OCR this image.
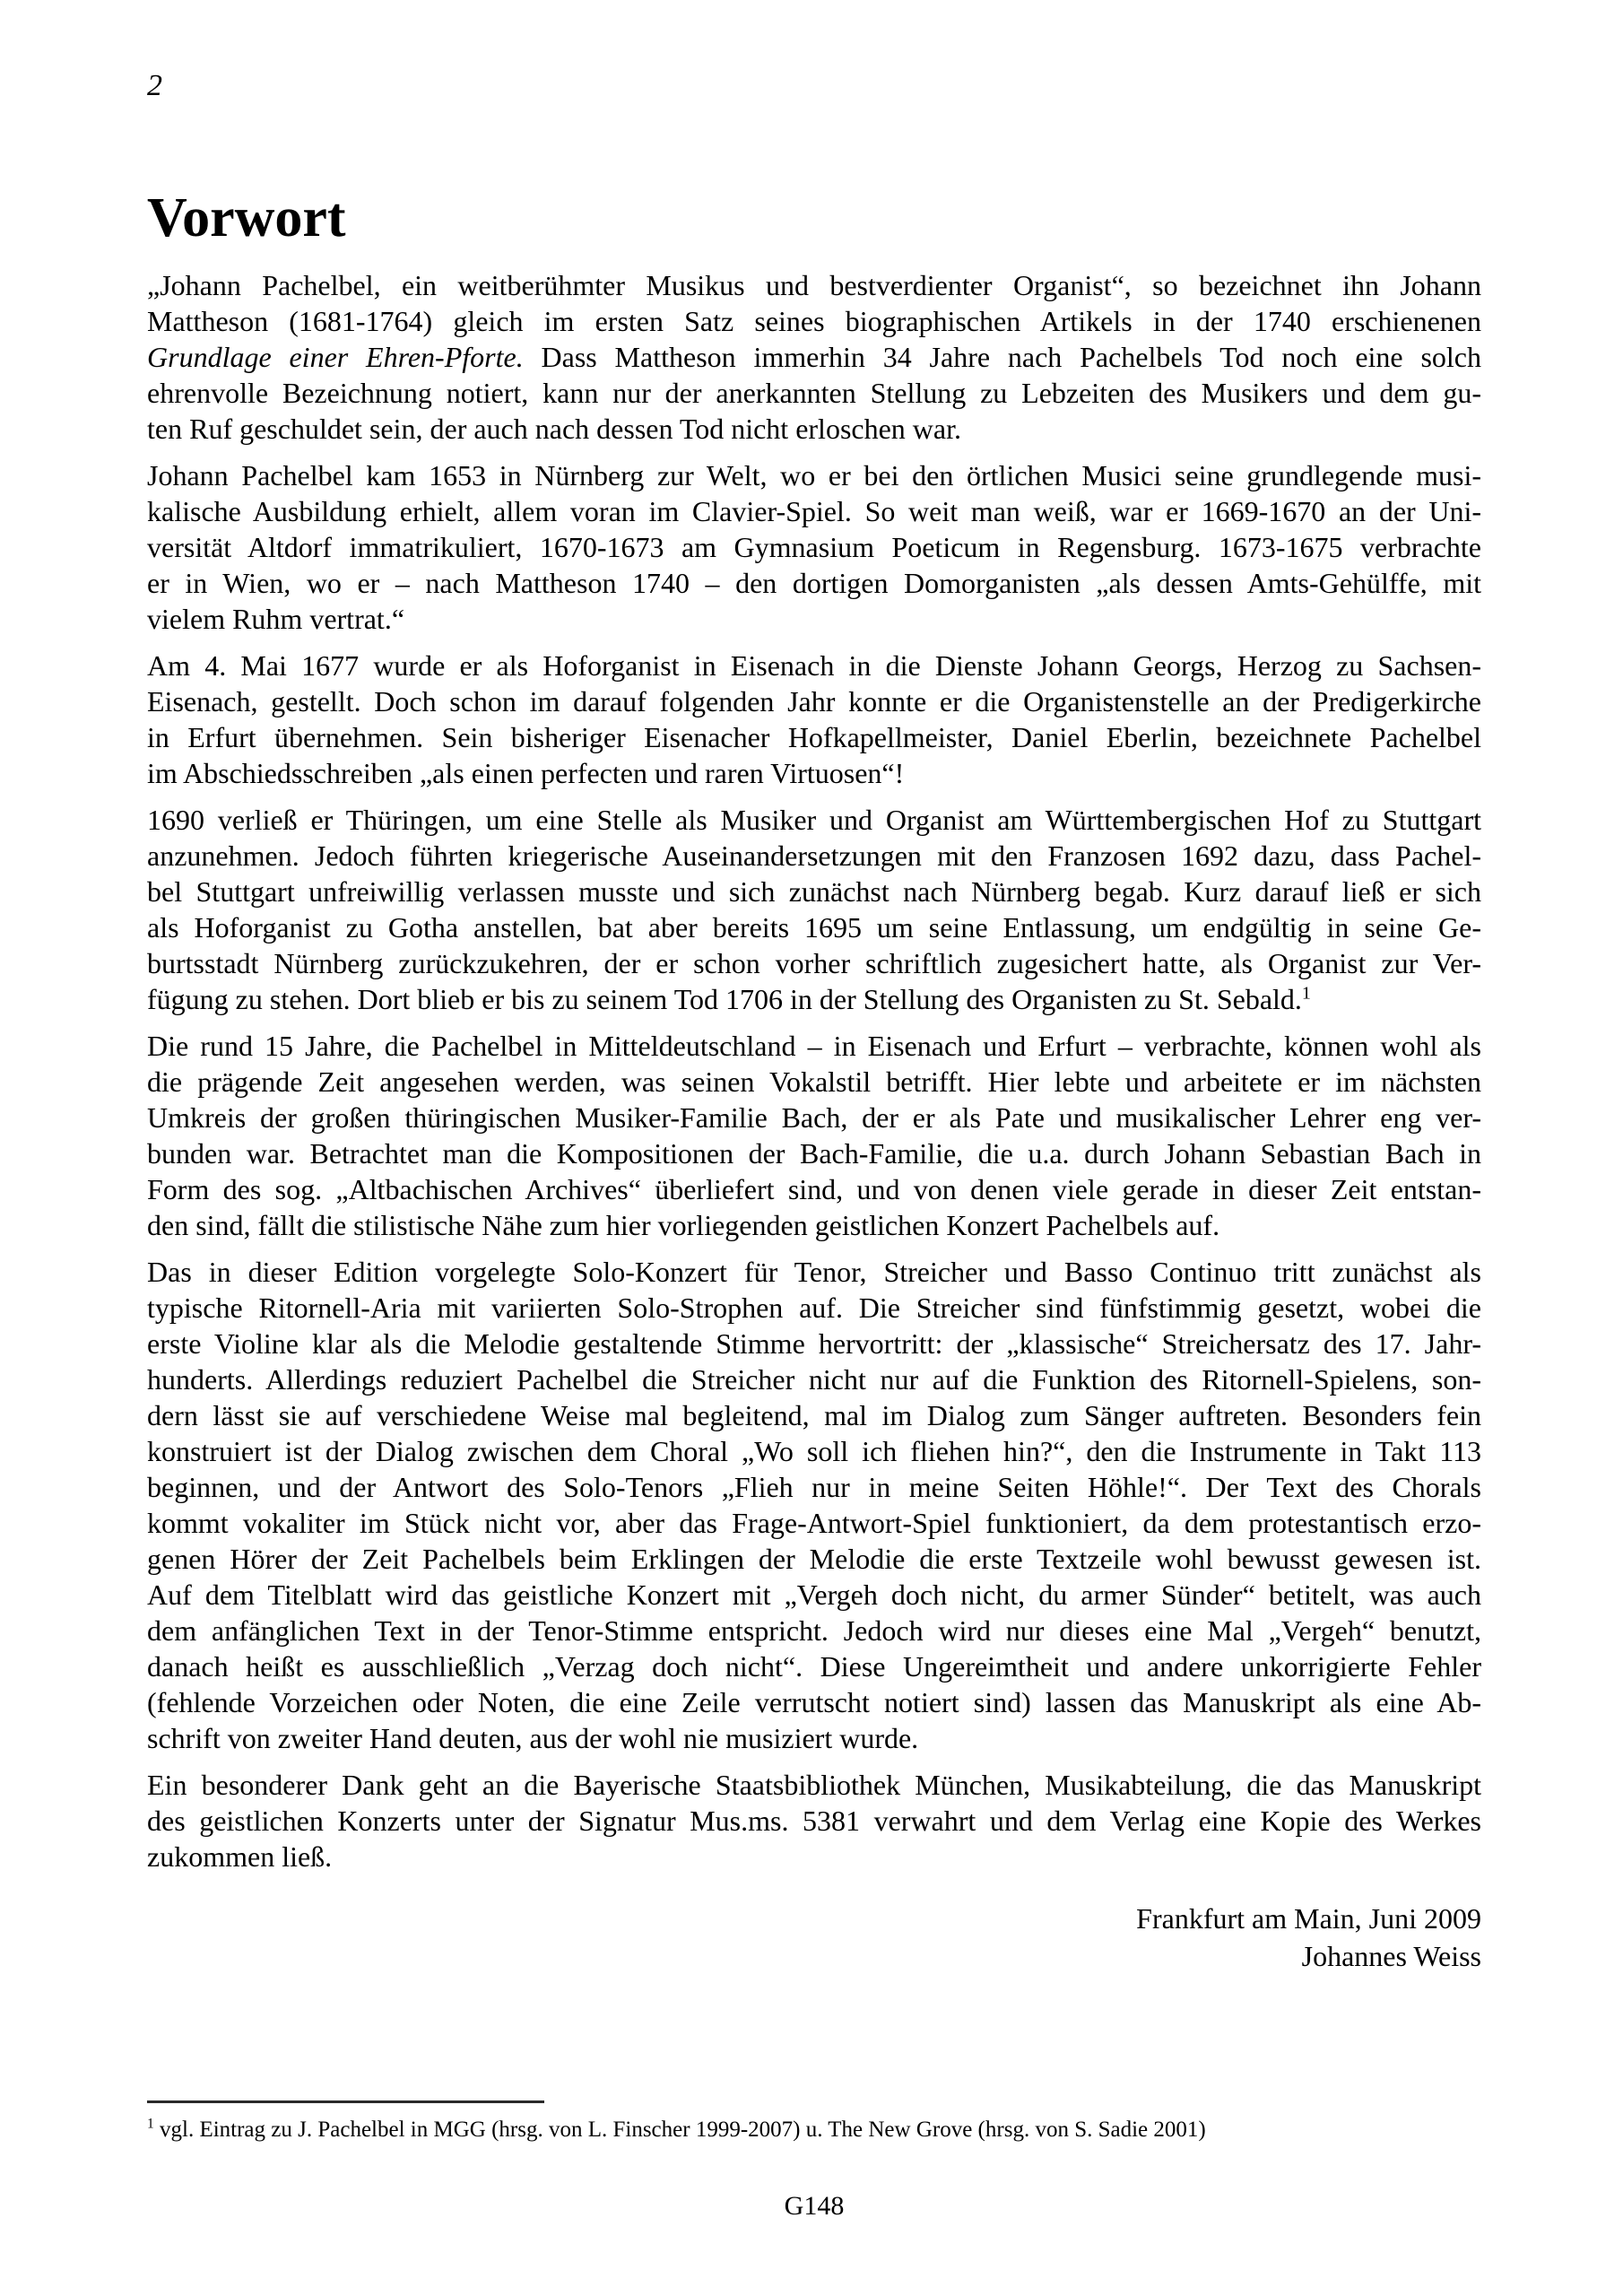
2
Vorwort

„Johann Pachelbel, ein weitberühmter Musikus und bestverdienter Organist“, so bezeichnet ihn Johann
Mattheson (1681-1764) gleich im ersten Satz seines biographischen Artikels in der 1740 erschienenen
Grundlage einer Ehren-Pforte. Dass Mattheson immerhin 34 Jahre nach Pachelbels Tod noch eine solch
ehrenvolle Bezeichnung notiert, kann nur der anerkannten Stellung zu Lebzeiten des Musikers und dem gu-
ten Ruf geschuldet sein, der auch nach dessen Tod nicht erloschen war.

Johann Pachelbel kam 1653 in Nürnberg zur Welt, wo er bei den örtlichen Musici seine grundlegende musi-
kalische Ausbildung erhielt, allem voran im Clavier-Spiel. So weit man weiß, war er 1669-1670 an der Uni-
versität Altdorf immatrikuliert, 1670-1673 am Gymnasium Poeticum in Regensburg. 1673-1675 verbrachte
er in Wien, wo er – nach Mattheson 1740 – den dortigen Domorganisten „als dessen Amts-Gehülffe, mit
vielem Ruhm vertrat.“

Am 4. Mai 1677 wurde er als Hoforganist in Eisenach in die Dienste Johann Georgs, Herzog zu Sachsen-
Eisenach, gestellt. Doch schon im darauf folgenden Jahr konnte er die Organistenstelle an der Predigerkirche
in Erfurt übernehmen. Sein bisheriger Eisenacher Hofkapellmeister, Daniel Eberlin, bezeichnete Pachelbel
im Abschiedsschreiben „als einen perfecten und raren Virtuosen“!

1690 verließ er Thüringen, um eine Stelle als Musiker und Organist am Württembergischen Hof zu Stuttgart
anzunehmen. Jedoch führten kriegerische Auseinandersetzungen mit den Franzosen 1692 dazu, dass Pachel-
bel Stuttgart unfreiwillig verlassen musste und sich zunächst nach Nürnberg begab. Kurz darauf ließ er sich
als Hoforganist zu Gotha anstellen, bat aber bereits 1695 um seine Entlassung, um endgültig in seine Ge-
burtsstadt Nürnberg zurückzukehren, der er schon vorher schriftlich zugesichert hatte, als Organist zur Ver-
fügung zu stehen. Dort blieb er bis zu seinem Tod 1706 in der Stellung des Organisten zu St. Sebald.$^1$

Die rund 15 Jahre, die Pachelbel in Mitteldeutschland – in Eisenach und Erfurt – verbrachte, können wohl als
die prägende Zeit angesehen werden, was seinen Vokalstil betrifft. Hier lebte und arbeitete er im nächsten
Umkreis der großen thüringischen Musiker-Familie Bach, der er als Pate und musikalischer Lehrer eng ver-
bunden war. Betrachtet man die Kompositionen der Bach-Familie, die u.a. durch Johann Sebastian Bach in
Form des sog. „Altbachischen Archives“ überliefert sind, und von denen viele gerade in dieser Zeit entstan-
den sind, fällt die stilistische Nähe zum hier vorliegenden geistlichen Konzert Pachelbels auf.

Das in dieser Edition vorgelegte Solo-Konzert für Tenor, Streicher und Basso Continuo tritt zunächst als
typische Ritornell-Aria mit variierten Solo-Strophen auf. Die Streicher sind fünfstimmig gesetzt, wobei die
erste Violine klar als die Melodie gestaltende Stimme hervortritt: der „klassische“ Streichersatz des 17. Jahr-
hunderts. Allerdings reduziert Pachelbel die Streicher nicht nur auf die Funktion des Ritornell-Spielens, son-
dern lässt sie auf verschiedene Weise mal begleitend, mal im Dialog zum Sänger auftreten. Besonders fein
konstruiert ist der Dialog zwischen dem Choral „Wo soll ich fliehen hin?“, den die Instrumente in Takt 113
beginnen, und der Antwort des Solo-Tenors „Flieh nur in meine Seiten Höhle!“. Der Text des Chorals
kommt vokaliter im Stück nicht vor, aber das Frage-Antwort-Spiel funktioniert, da dem protestantisch erzo-
genen Hörer der Zeit Pachelbels beim Erklingen der Melodie die erste Textzeile wohl bewusst gewesen ist.
Auf dem Titelblatt wird das geistliche Konzert mit „Vergeh doch nicht, du armer Sünder“ betitelt, was auch
dem anfänglichen Text in der Tenor-Stimme entspricht. Jedoch wird nur dieses eine Mal „Vergeh“ benutzt,
danach heißt es ausschließlich „Verzag doch nicht“. Diese Ungereimtheit und andere unkorrigierte Fehler
(fehlende Vorzeichen oder Noten, die eine Zeile verrutscht notiert sind) lassen das Manuskript als eine Ab-
schrift von zweiter Hand deuten, aus der wohl nie musiziert wurde.

Ein besonderer Dank geht an die Bayerische Staatsbibliothek München, Musikabteilung, die das Manuskript
des geistlichen Konzerts unter der Signatur Mus.ms. 5381 verwahrt und dem Verlag eine Kopie des Werkes
zukommen ließ.

Frankfurt am Main, Juni 2009
Johannes Weiss
$^1$ vgl. Eintrag zu J. Pachelbel in MGG (hrsg. von L. Finscher 1999-2007) u. The New Grove (hrsg. von S. Sadie 2001)
G148
